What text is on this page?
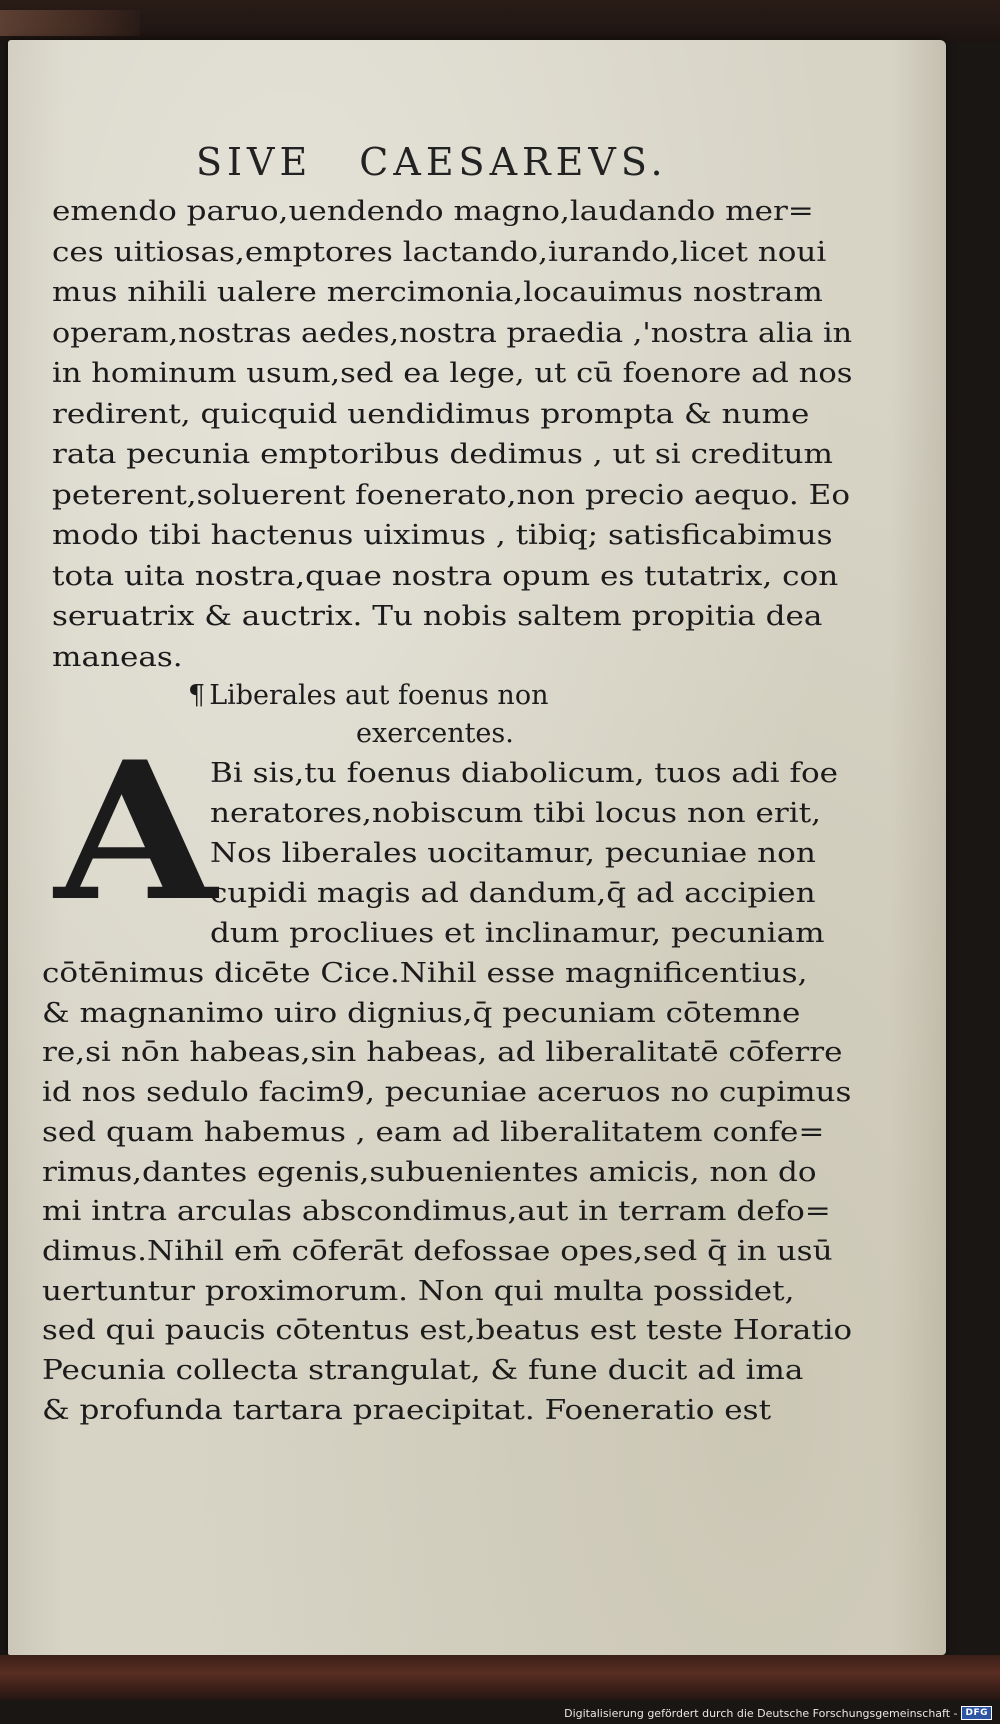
SIVE CAESAREVS.
emendo paruo,uendendo magno,laudando mer=
ces uitiosas,emptores lactando,iurando,licet noui
mus nihili ualere mercimonia,locauimus nostram
operam,nostras aedes,nostra praedia ,'nostra alia in
in hominum usum,sed ea lege, ut cū foenore ad nos
redirent, quicquid uendidimus prompta & nume
rata pecunia emptoribus dedimus , ut si creditum
peterent,soluerent foenerato,non precio aequo. Eo
modo tibi hactenus uiximus , tibiq; satisficabimus
tota uita nostra,quae nostra opum es tutatrix, con
seruatrix & auctrix. Tu nobis saltem propitia dea
maneas.
¶ Liberales aut foenus non
exercentes.
A
Bi sis,tu foenus diabolicum, tuos adi foe
neratores,nobiscum tibi locus non erit,
Nos liberales uocitamur, pecuniae non
cupidi magis ad dandum,q̄ ad accipien
dum procliues et inclinamur, pecuniam
cōtēnimus dicēte Cice.Nihil esse magnificentius,
& magnanimo uiro dignius,q̄ pecuniam cōtemne
re,si nōn habeas,sin habeas, ad liberalitatē cōferre
id nos sedulo facim9, pecuniae aceruos no cupimus
sed quam habemus , eam ad liberalitatem confe=
rimus,dantes egenis,subuenientes amicis, non do
mi intra arculas abscondimus,aut in terram defo=
dimus.Nihil em̄ cōferāt defossae opes,sed q̄ in usū
uertuntur proximorum. Non qui multa possidet,
sed qui paucis cōtentus est,beatus est teste Horatio
Pecunia collecta strangulat, & fune ducit ad ima
& profunda tartara praecipitat. Foeneratio est
Digitalisierung gefördert durch die Deutsche Forschungsgemeinschaft - DFG
